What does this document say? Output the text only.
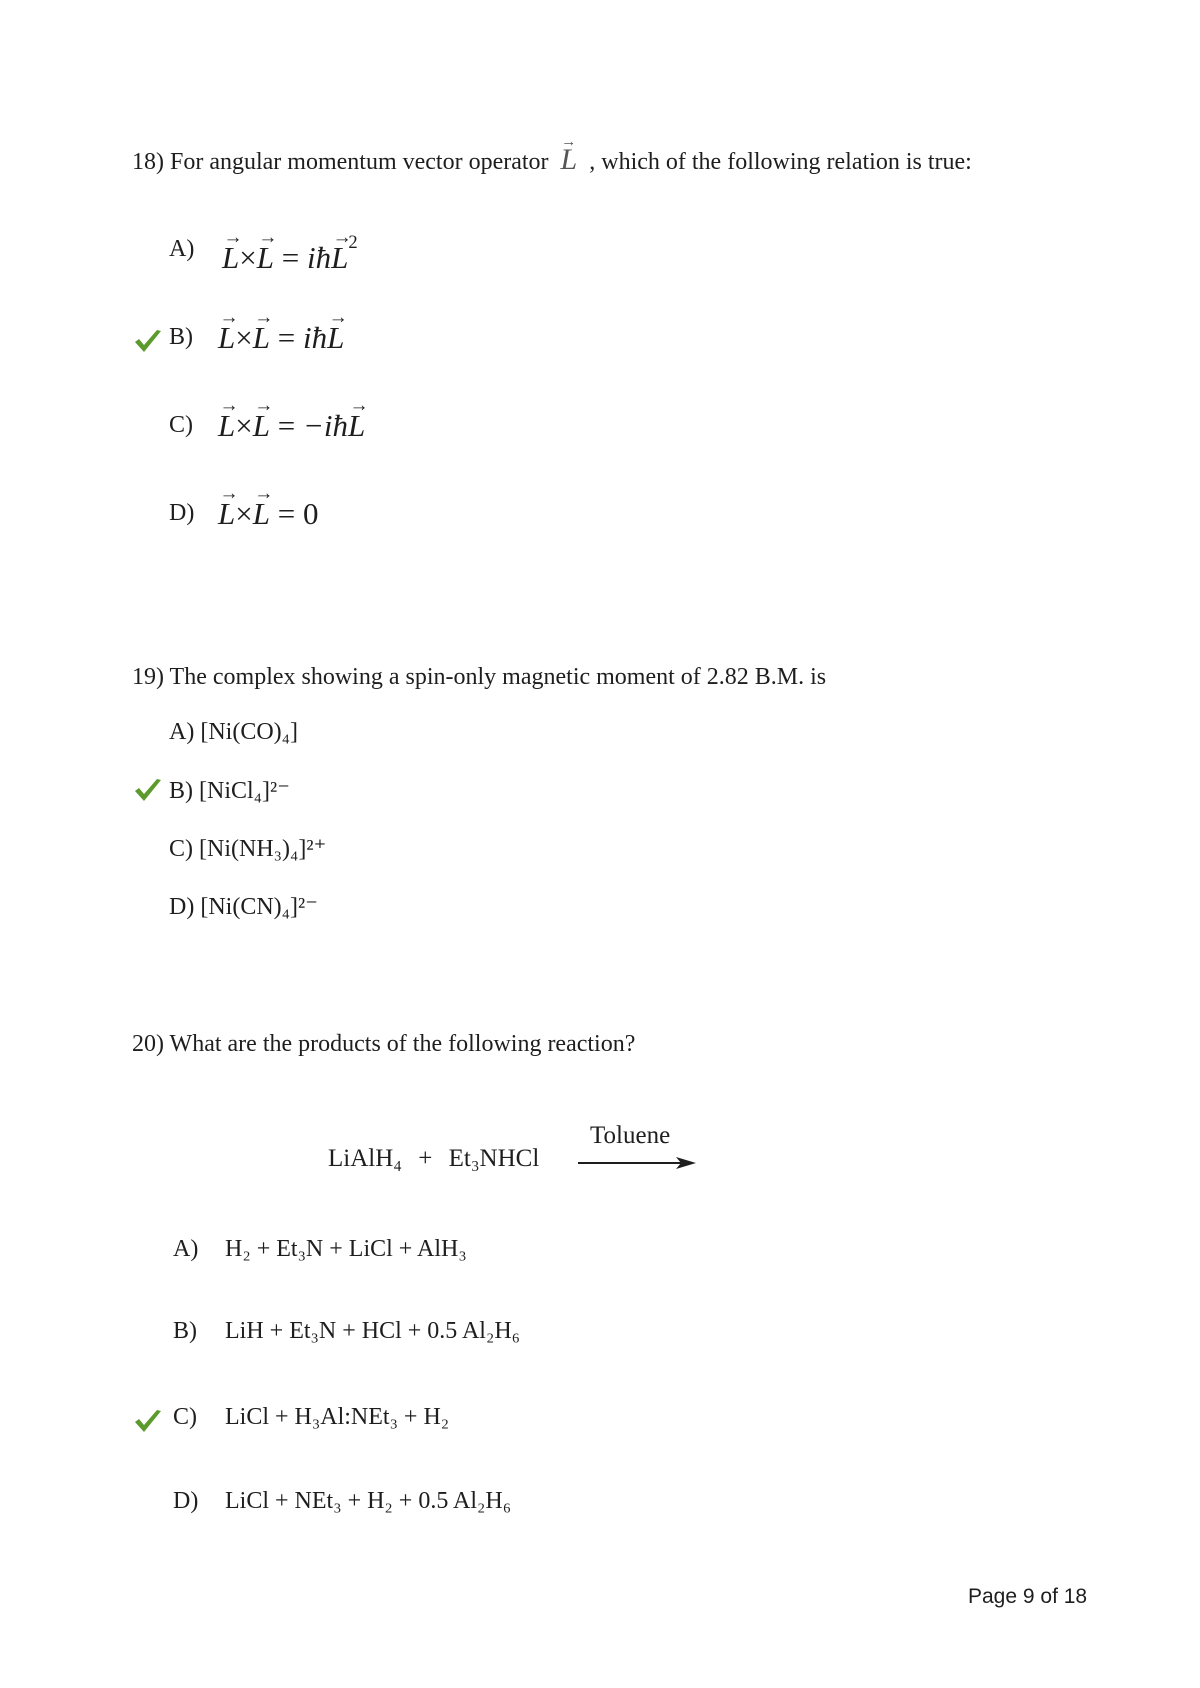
18) For angular momentum vector operator → L , which of the following relation is true:
A) → L×→ L = iħ→ $L^2$
B) → L×→ L = iħ→ L
C) → L×→ L = −iħ→ L
D) → L×→ L = 0
19) The complex showing a spin-only magnetic moment of 2.82 B.M. is
A) [Ni(CO)₄]
B) [NiCl₄]²⁻
C) [Ni(NH₃)₄]²⁺
D) [Ni(CN)₄]²⁻
20) What are the products of the following reaction?
LiAlH₄ + Et₃NHCl
Toluene
A) H₂ + Et₃N + LiCl + AlH₃
B) LiH + Et₃N + HCl + 0.5 Al₂H₆
C) LiCl + H₃Al:NEt₃ + H₂
D) LiCl + NEt₃ + H₂ + 0.5 Al₂H₆
Page 9 of 18
